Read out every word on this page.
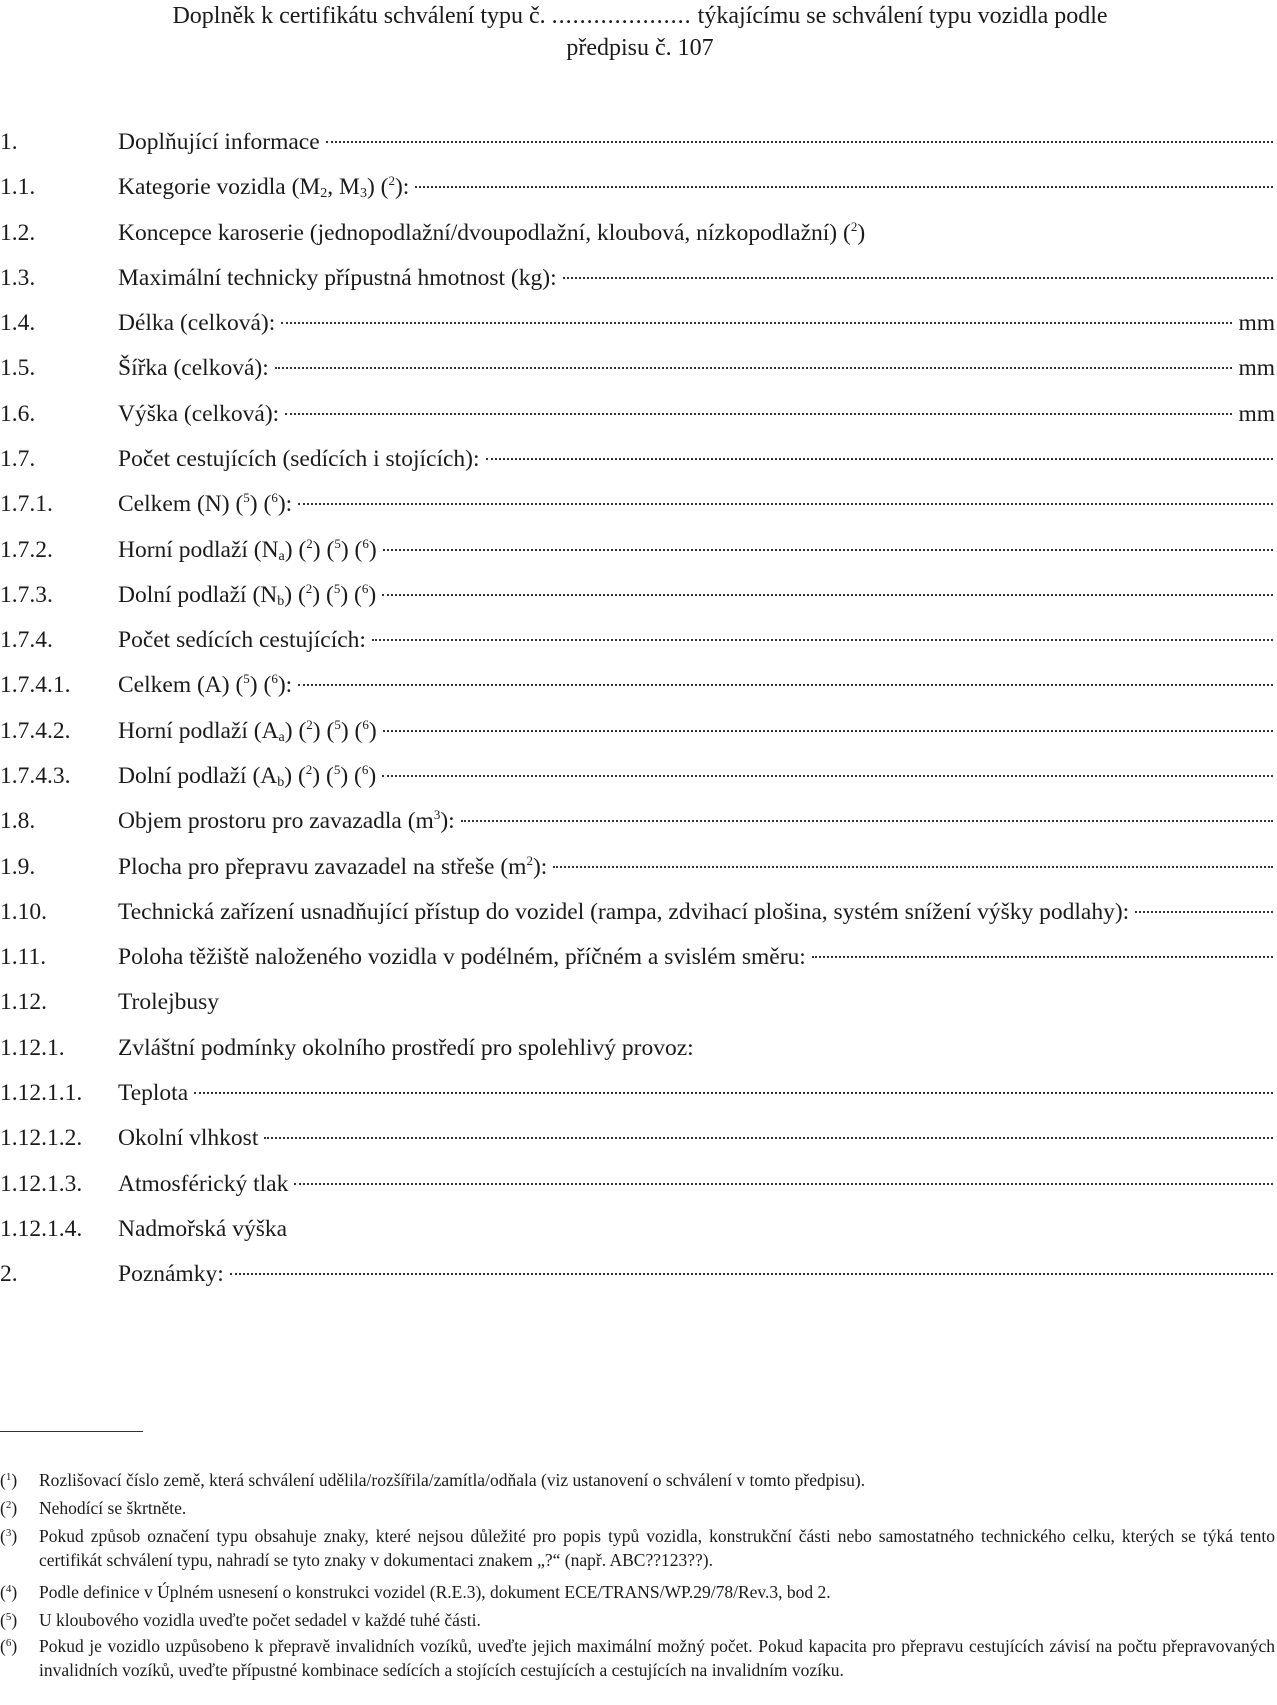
Doplněk k certifikátu schválení typu č. .................... týkajícímu se schválení typu vozidla podle
předpisu č. 107
1.	Doplňující informace
1.1.	Kategorie vozidla ($M_2$, $M_3$) ($^2$):
1.2.	Koncepce karoserie (jednopodlažní/dvoupodlažní, kloubová, nízkopodlažní) ($^2$)
1.3.	Maximální technicky přípustná hmotnost (kg):
1.4.	Délka (celková):	mm
1.5.	Šířka (celková):	mm
1.6.	Výška (celková):	mm
1.7.	Počet cestujících (sedících i stojících):
1.7.1.	Celkem (N) ($^5$) ($^6$):
1.7.2.	Horní podlaží $(N_a)$ ($^2$) ($^5$) ($^6$)
1.7.3.	Dolní podlaží $(N_b)$ ($^2$) ($^5$) ($^6$)
1.7.4.	Počet sedících cestujících:
1.7.4.1.	Celkem (A) ($^5$) ($^6$):
1.7.4.2.	Horní podlaží $(A_a)$ ($^2$) ($^5$) ($^6$)
1.7.4.3.	Dolní podlaží $(A_b)$ ($^2$) ($^5$) ($^6$)
1.8.	Objem prostoru pro zavazadla $(m^3)$:
1.9.	Plocha pro přepravu zavazadel na střeše $(m^2)$:
1.10.	Technická zařízení usnadňující přístup do vozidel (rampa, zdvihací plošina, systém snížení výšky podlahy):
1.11.	Poloha těžiště naloženého vozidla v podélném, příčném a svislém směru:
1.12.	Trolejbusy
1.12.1.	Zvláštní podmínky okolního prostředí pro spolehlivý provoz:
1.12.1.1.	Teplota
1.12.1.2.	Okolní vlhkost
1.12.1.3.	Atmosférický tlak
1.12.1.4.	Nadmořská výška
2.	Poznámky:
($^1$)	Rozlišovací číslo země, která schválení udělila/rozšířila/zamítla/odňala (viz ustanovení o schválení v tomto předpisu).
($^2$)	Nehodící se škrtněte.
($^3$)	Pokud způsob označení typu obsahuje znaky, které nejsou důležité pro popis typů vozidla, konstrukční části nebo samostatného technického celku, kterých se týká tento certifikát schválení typu, nahradí se tyto znaky v dokumentaci znakem „?“ (např. ABC??123??).
($^4$)	Podle definice v Úplném usnesení o konstrukci vozidel (R.E.3), dokument ECE/TRANS/WP.29/78/Rev.3, bod 2.
($^5$)	U kloubového vozidla uveďte počet sedadel v každé tuhé části.
($^6$)	Pokud je vozidlo uzpůsobeno k přepravě invalidních vozíků, uveďte jejich maximální možný počet. Pokud kapacita pro přepravu cestujících závisí na počtu přepravovaných invalidních vozíků, uveďte přípustné kombinace sedících a stojících cestujících a cestujících na invalidním vozíku.
